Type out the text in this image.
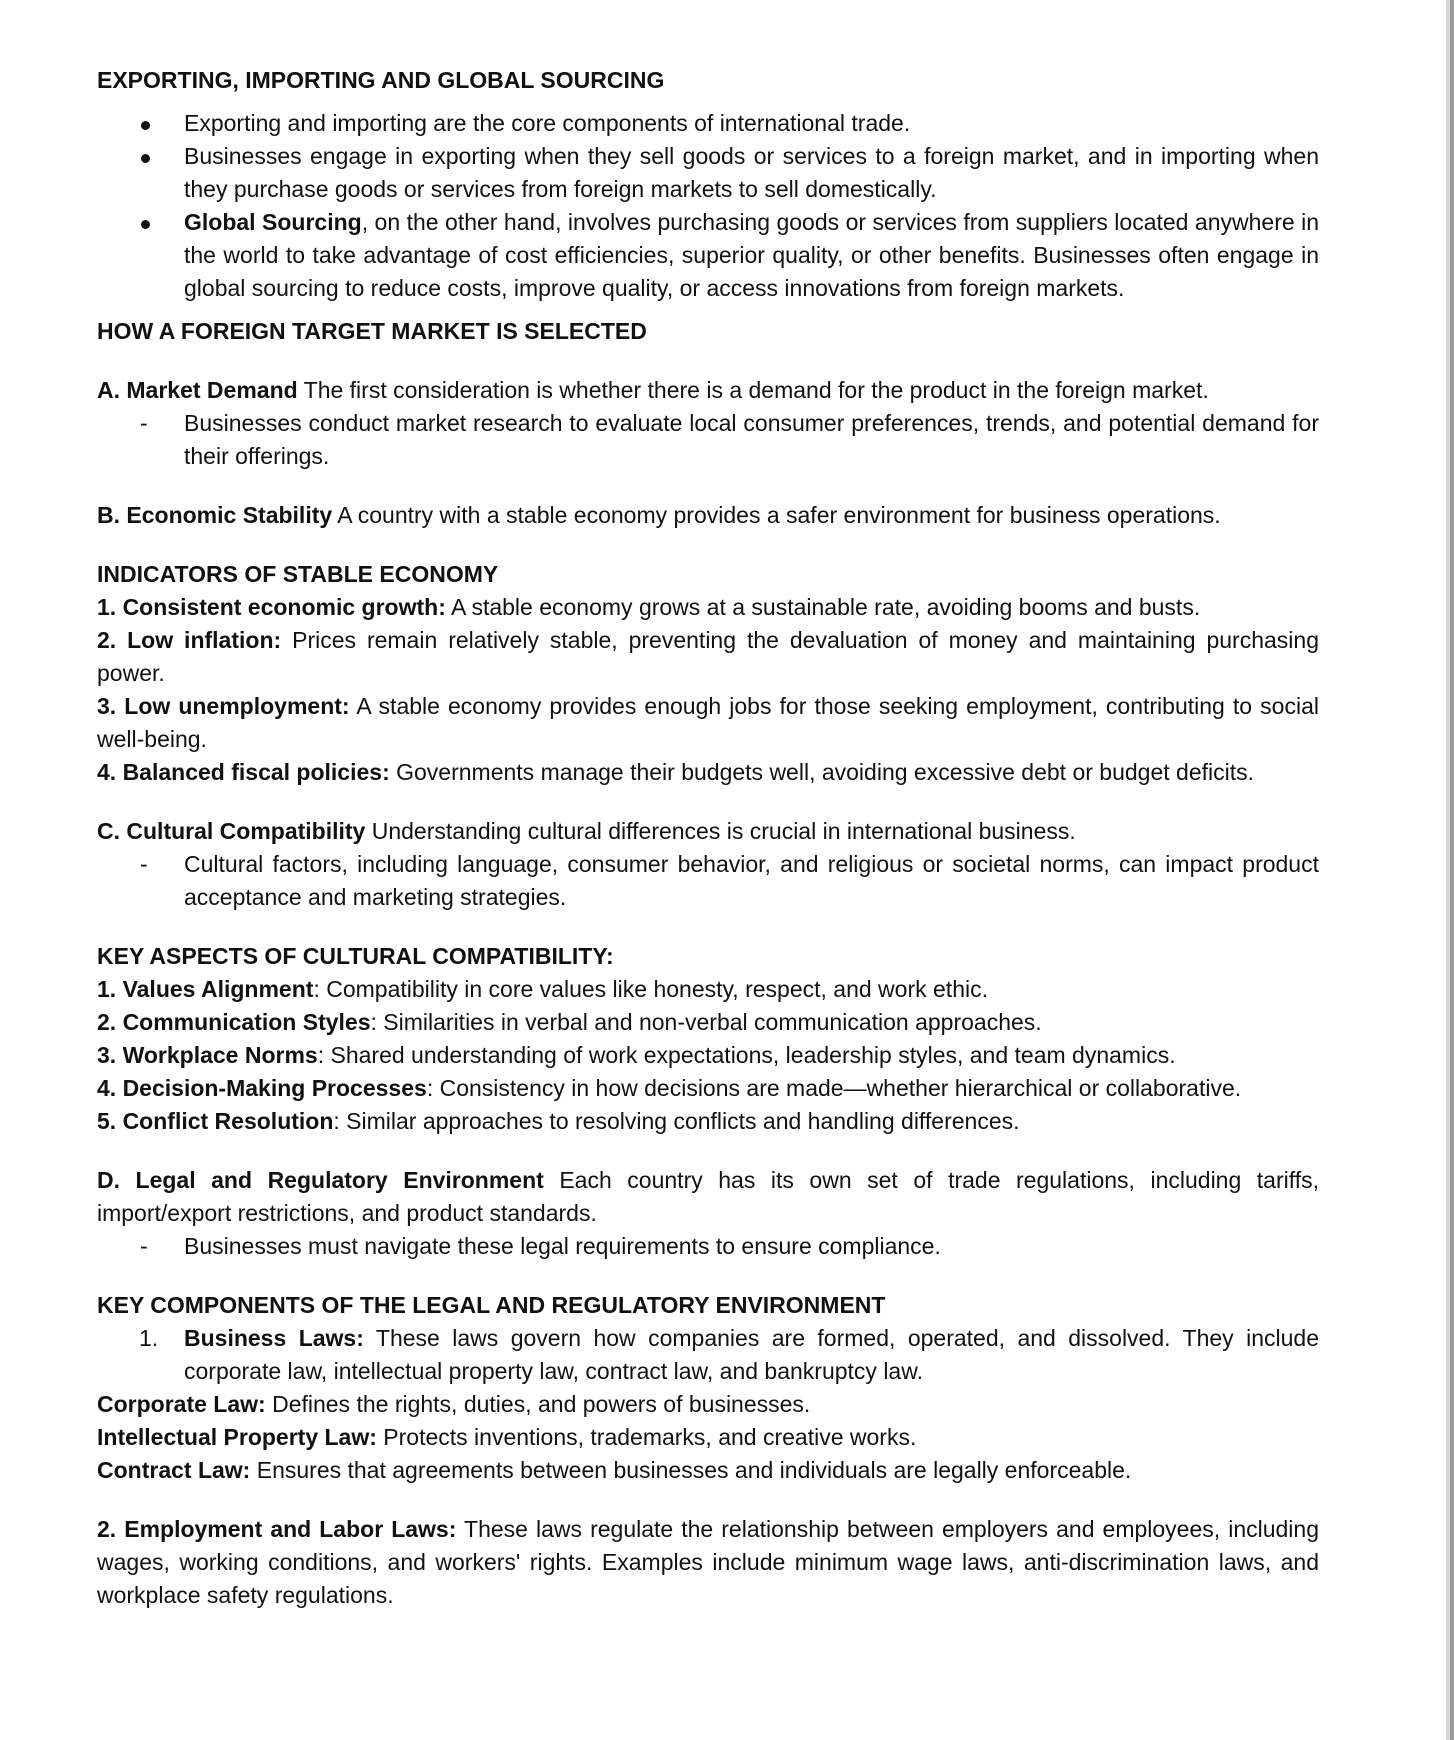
EXPORTING, IMPORTING AND GLOBAL SOURCING

Exporting and importing are the core components of international trade.
Businesses engage in exporting when they sell goods or services to a foreign market, and in importing when they purchase goods or services from foreign markets to sell domestically.
Global Sourcing, on the other hand, involves purchasing goods or services from suppliers located anywhere in the world to take advantage of cost efficiencies, superior quality, or other benefits. Businesses often engage in global sourcing to reduce costs, improve quality, or access innovations from foreign markets.

HOW A FOREIGN TARGET MARKET IS SELECTED

A. Market Demand The first consideration is whether there is a demand for the product in the foreign market.

- Businesses conduct market research to evaluate local consumer preferences, trends, and potential demand for their offerings.

B. Economic Stability A country with a stable economy provides a safer environment for business operations.

INDICATORS OF STABLE ECONOMY

1. Consistent economic growth: A stable economy grows at a sustainable rate, avoiding booms and busts.

2. Low inflation: Prices remain relatively stable, preventing the devaluation of money and maintaining purchasing power.

3. Low unemployment: A stable economy provides enough jobs for those seeking employment, contributing to social well-being.

4. Balanced fiscal policies: Governments manage their budgets well, avoiding excessive debt or budget deficits.

C. Cultural Compatibility Understanding cultural differences is crucial in international business.

- Cultural factors, including language, consumer behavior, and religious or societal norms, can impact product acceptance and marketing strategies.

KEY ASPECTS OF CULTURAL COMPATIBILITY:

1. Values Alignment: Compatibility in core values like honesty, respect, and work ethic.

2. Communication Styles: Similarities in verbal and non-verbal communication approaches.

3. Workplace Norms: Shared understanding of work expectations, leadership styles, and team dynamics.

4. Decision-Making Processes: Consistency in how decisions are made—whether hierarchical or collaborative.

5. Conflict Resolution: Similar approaches to resolving conflicts and handling differences.

D. Legal and Regulatory Environment Each country has its own set of trade regulations, including tariffs, import/export restrictions, and product standards.

- Businesses must navigate these legal requirements to ensure compliance.

KEY COMPONENTS OF THE LEGAL AND REGULATORY ENVIRONMENT

1. Business Laws: These laws govern how companies are formed, operated, and dissolved. They include corporate law, intellectual property law, contract law, and bankruptcy law.

Corporate Law: Defines the rights, duties, and powers of businesses.

Intellectual Property Law: Protects inventions, trademarks, and creative works.

Contract Law: Ensures that agreements between businesses and individuals are legally enforceable.

2. Employment and Labor Laws: These laws regulate the relationship between employers and employees, including wages, working conditions, and workers' rights. Examples include minimum wage laws, anti-discrimination laws, and workplace safety regulations.
